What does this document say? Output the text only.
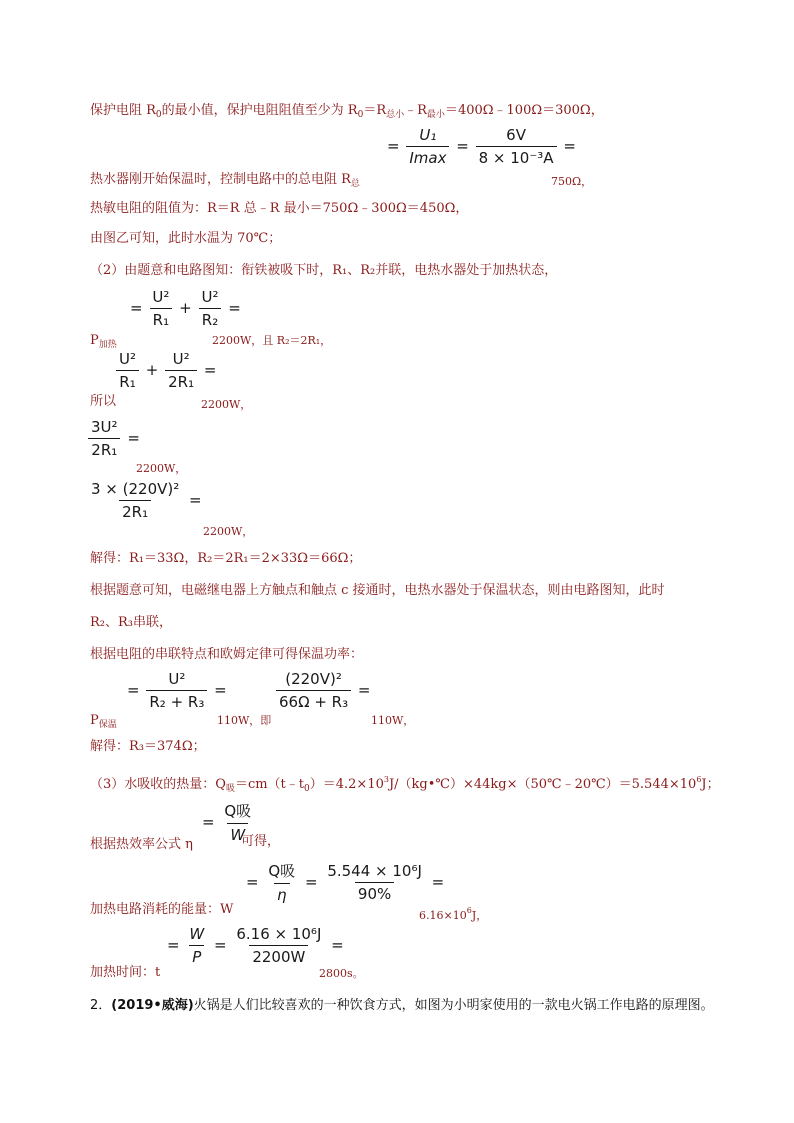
保护电阻 $R_0$的最小值，保护电阻阻值至少为 $R_0=R_{总小}﹣R_{最小}=400\Omega﹣100\Omega=300\Omega$，
= $\frac{\text{U₁}}{Imax} = \frac{6V}{\text{8 × 10⁻³A}}$ =
热水器刚开始保温时，控制电路中的总电阻 $R_总$	750Ω，
热敏电阻的阻值为：R＝R 总﹣R 最小＝750Ω﹣300Ω＝450Ω，
由图乙可知，此时水温为 70℃；
（2）由题意和电路图知：衔铁被吸下时，R₁、R₂并联，电热水器处于加热状态，
= $\frac{\text{U²}}{\text{R₁}} + \frac{\text{U²}}{\text{R₂}}$ =
$P_{加热}$	2200W，且 R₂＝2R₁，
$\frac{\text{U²}}{\text{R₁}} + \frac{\text{U²}}{\text{2R₁}}$ =
所以	2200W，
$\frac{\text{3U²}}{\text{2R₁}}$ =
2200W，
$\frac{\text{3 × (220V)²}}{\text{2R₁}}$ =
2200W，
解得：R₁＝33Ω，R₂＝2R₁＝2×33Ω＝66Ω；
根据题意可知，电磁继电器上方触点和触点 c 接通时，电热水器处于保温状态，则由电路图知，此时
R₂、R₃串联，
根据电阻的串联特点和欧姆定律可得保温功率：
= $\frac{\text{U²}}{\text{R₂ + R₃}}$ =	$\frac{\text{(220V)²}}{\text{66Ω + R₃}}$ =
$P_{保温}$	110W，即	110W，
解得：R₃＝374Ω；
（3）水吸收的热量：$Q_吸=cm(t﹣t_0)=4.2\times 10^3J/(kg•℃)\times 44kg\times(50℃﹣20℃)=5.544\times 10^6J$；
= $\frac{\text{Q吸}}{W}$
根据热效率公式 η	可得，
= $\frac{\text{Q吸}}{\eta} = \frac{\text{5.544 × 10⁶J}}{90\%}$ =
加热电路消耗的能量：W	$6.16\times 10^6J$，
= $\frac{W}{P} = \frac{\text{6.16 × 10⁶J}}{2200W}$ =
加热时间：t	2800s。
2．(2019•威海)火锅是人们比较喜欢的一种饮食方式，如图为小明家使用的一款电火锅工作电路的原理图。
